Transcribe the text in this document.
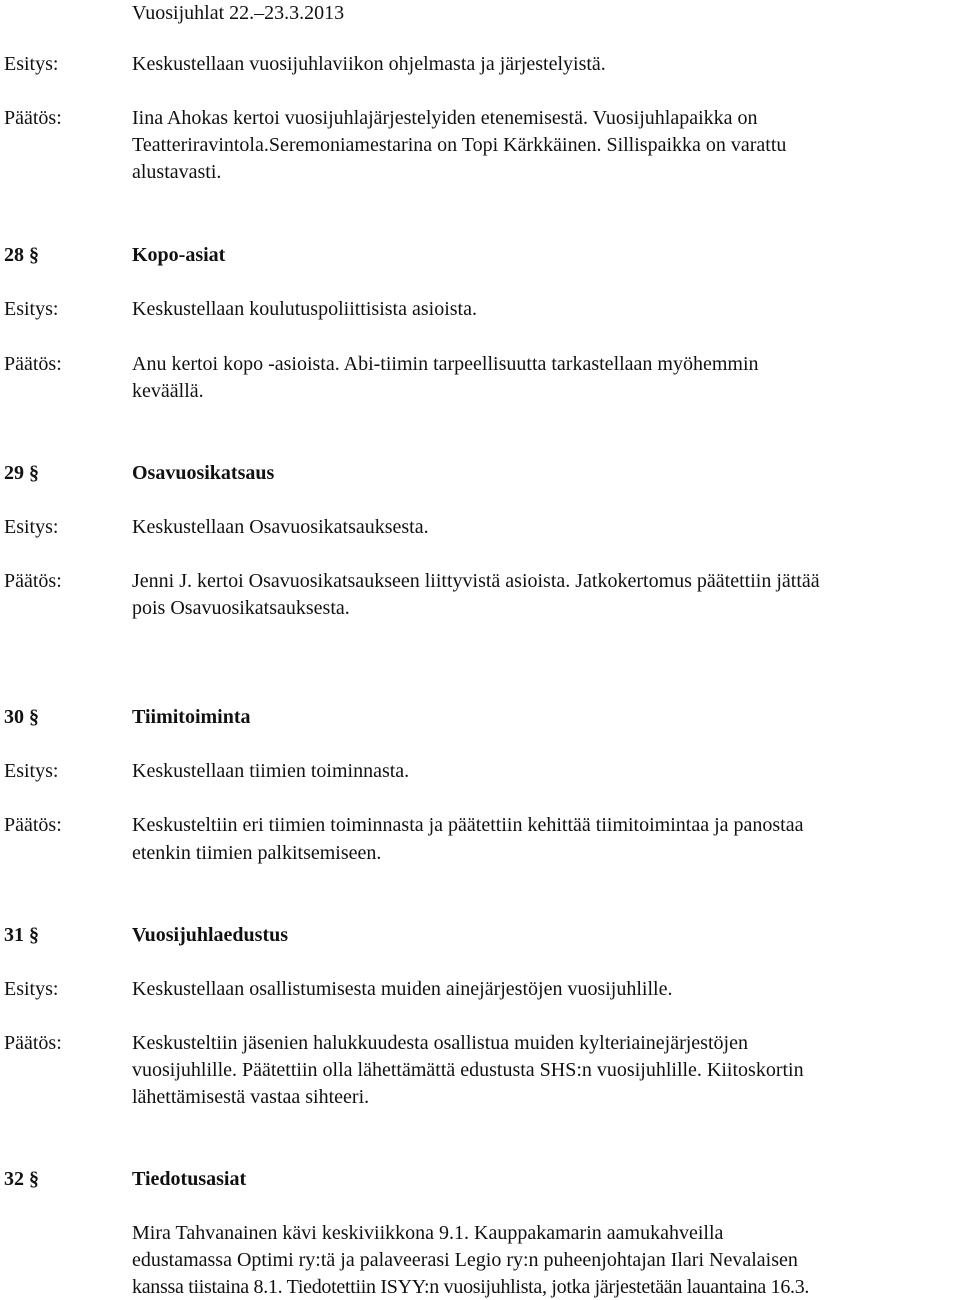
Vuosijuhlat 22.–23.3.2013
Esitys:	Keskustellaan vuosijuhlaviikon ohjelmasta ja järjestelyistä.
Päätös:	Iina Ahokas kertoi vuosijuhlajärjestelyiden etenemisestä. Vuosijuhlapaikka on
Teatteriravintola.Seremoniamestarina on Topi Kärkkäinen. Sillispaikka on varattu
alustavasti.
28 §	Kopo-asiat
Esitys:	Keskustellaan koulutuspoliittisista asioista.
Päätös:	Anu kertoi kopo -asioista. Abi-tiimin tarpeellisuutta tarkastellaan myöhemmin
keväällä.
29 §	Osavuosikatsaus
Esitys:	Keskustellaan Osavuosikatsauksesta.
Päätös:	Jenni J. kertoi Osavuosikatsaukseen liittyvistä asioista. Jatkokertomus päätettiin jättää
pois Osavuosikatsauksesta.
30 §	Tiimitoiminta
Esitys:	Keskustellaan tiimien toiminnasta.
Päätös:	Keskusteltiin eri tiimien toiminnasta ja päätettiin kehittää tiimitoimintaa ja panostaa
etenkin tiimien palkitsemiseen.
31 §	Vuosijuhlaedustus
Esitys:	Keskustellaan osallistumisesta muiden ainejärjestöjen vuosijuhlille.
Päätös:	Keskusteltiin jäsenien halukkuudesta osallistua muiden kylteriainejärjestöjen
vuosijuhlille. Päätettiin olla lähettämättä edustusta SHS:n vuosijuhlille. Kiitoskortin
lähettämisestä vastaa sihteeri.
32 §	Tiedotusasiat
Mira Tahvanainen kävi keskiviikkona 9.1. Kauppakamarin aamukahveilla
edustamassa Optimi ry:tä ja palaveerasi Legio ry:n puheenjohtajan Ilari Nevalaisen
kanssa tiistaina 8.1. Tiedotettiin ISYY:n vuosijuhlista, jotka järjestetään lauantaina 16.3.
